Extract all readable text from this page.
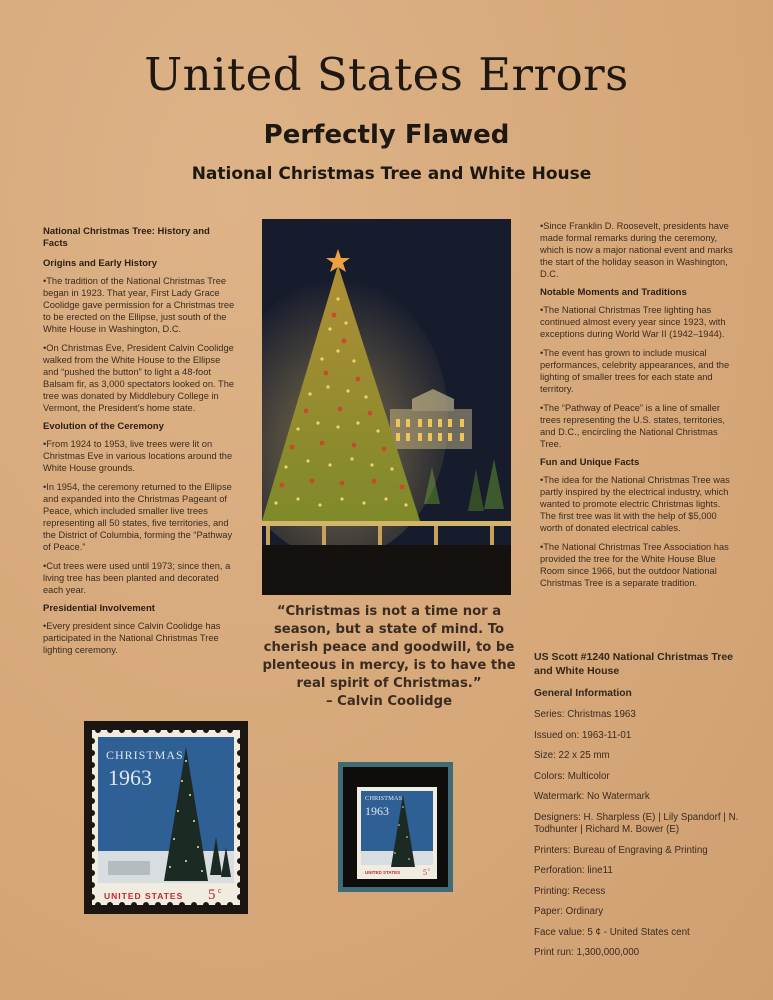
United States Errors
Perfectly Flawed
National Christmas Tree and White House
National Christmas Tree: History and Facts
Origins and Early History

•The tradition of the National Christmas Tree began in 1923. That year, First Lady Grace Coolidge gave permission for a Christmas tree to be erected on the Ellipse, just south of the White House in Washington, D.C.

•On Christmas Eve, President Calvin Coolidge walked from the White House to the Ellipse and “pushed the button” to light a 48-foot Balsam fir, as 3,000 spectators looked on. The tree was donated by Middlebury College in Vermont, the President’s home state.

Evolution of the Ceremony

•From 1924 to 1953, live trees were lit on Christmas Eve in various locations around the White House grounds.

•In 1954, the ceremony returned to the Ellipse and expanded into the Christmas Pageant of Peace, which included smaller live trees representing all 50 states, five territories, and the District of Columbia, forming the “Pathway of Peace.”

•Cut trees were used until 1973; since then, a living tree has been planted and decorated each year.

Presidential Involvement

•Every president since Calvin Coolidge has participated in the National Christmas Tree lighting ceremony.

“Christmas is not a time nor a season, but a state of mind. To cherish peace and goodwill, to be plenteous in mercy, is to have the real spirit of Christmas.”
– Calvin Coolidge

•Since Franklin D. Roosevelt, presidents have made formal remarks during the ceremony, which is now a major national event and marks the start of the holiday season in Washington, D.C.

Notable Moments and Traditions

•The National Christmas Tree lighting has continued almost every year since 1923, with exceptions during World War II (1942–1944).

•The event has grown to include musical performances, celebrity appearances, and the lighting of smaller trees for each state and territory.

•The “Pathway of Peace” is a line of smaller trees representing the U.S. states, territories, and D.C., encircling the National Christmas Tree.

Fun and Unique Facts

•The idea for the National Christmas Tree was partly inspired by the electrical industry, which wanted to promote electric Christmas lights. The first tree was lit with the help of $5,000 worth of donated electrical cables.

•The National Christmas Tree Association has provided the tree for the White House Blue Room since 1966, but the outdoor National Christmas Tree is a separate tradition.

CHRISTMAS
1963
UNITED STATES 5 c
CHRISTMAS
1963
UNITED STATES	5 c
US Scott #1240 National Christmas Tree and White House
General Information
Series: Christmas 1963
Issued on: 1963-11-01
Size: 22 x 25 mm
Colors: Multicolor
Watermark: No Watermark
Designers: H. Sharpless (E) | Lily Spandorf | N. Todhunter | Richard M. Bower (E)
Printers: Bureau of Engraving & Printing
Perforation: line11
Printing: Recess
Paper: Ordinary
Face value: 5 ¢ - United States cent
Print run: 1,300,000,000
